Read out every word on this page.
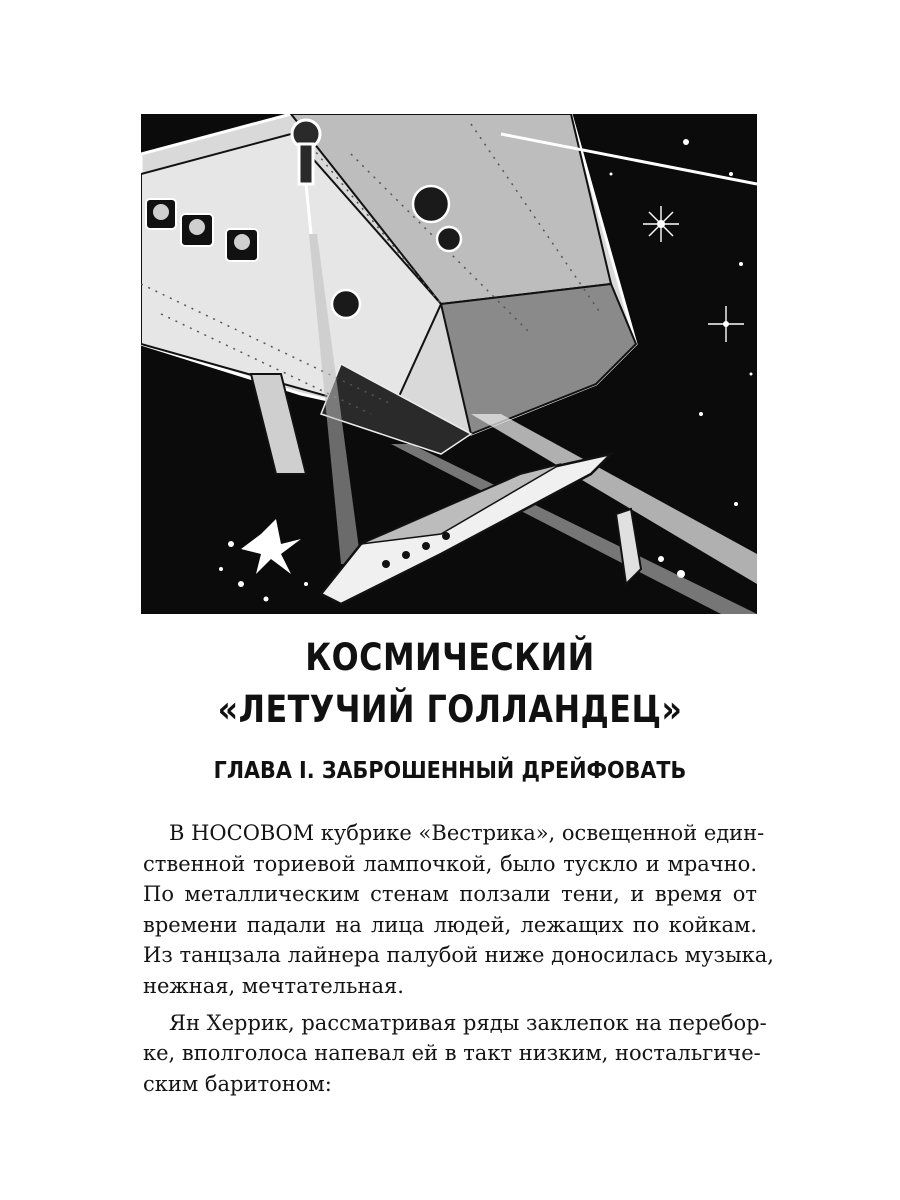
КОСМИЧЕСКИЙ
«ЛЕТУЧИЙ ГОЛЛАНДЕЦ»
ГЛАВА I. ЗАБРОШЕННЫЙ ДРЕЙФОВАТЬ
В НОСОВОМ кубрике «Вестрика», освещенной един-
ственной ториевой лампочкой, было тускло и мрачно.
По металлическим стенам ползали тени, и время от
времени падали на лица людей, лежащих по койкам.
Из танцзала лайнера палубой ниже доносилась музыка,
нежная, мечтательная.
Ян Херрик, рассматривая ряды заклепок на перебор-
ке, вполголоса напевал ей в такт низким, ностальгиче-
ским баритоном:
